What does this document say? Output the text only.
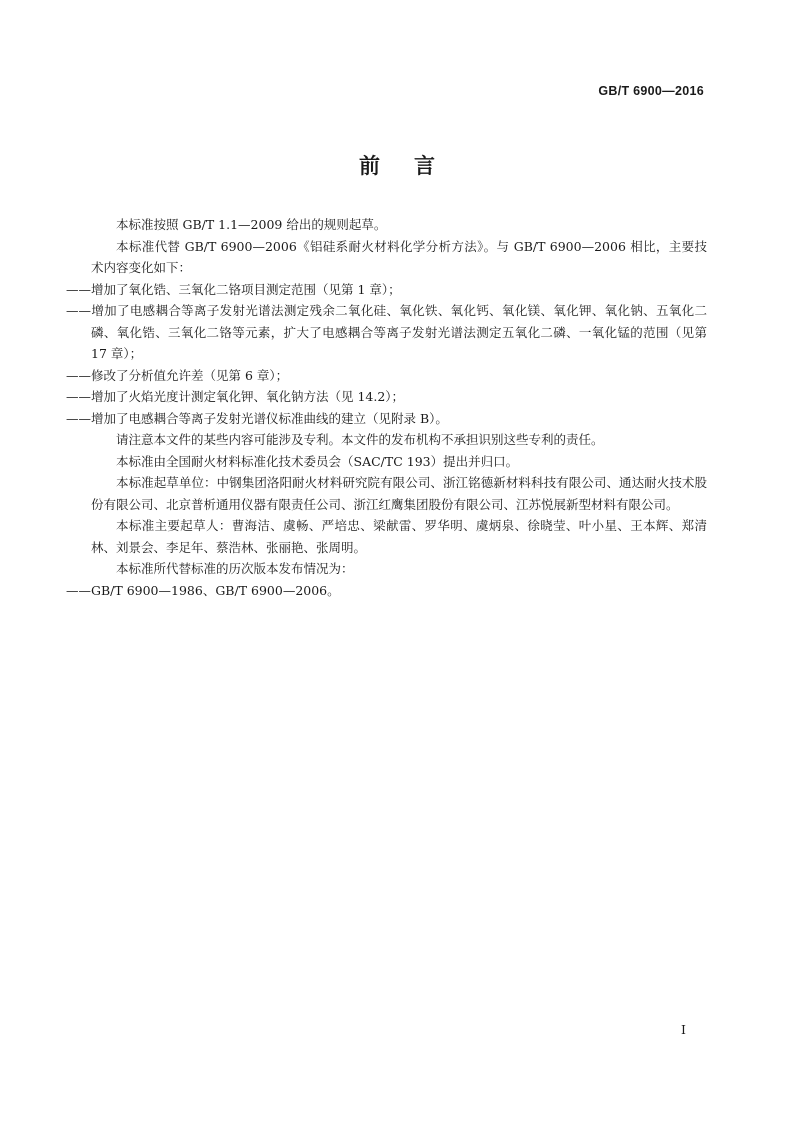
GB/T 6900—2016
前言

本标准按照 GB/T 1.1—2009 给出的规则起草。

本标准代替 GB/T 6900—2006《铝硅系耐火材料化学分析方法》。与 GB/T 6900—2006 相比，主要技术内容变化如下：

——增加了氧化锆、三氧化二铬项目测定范围（见第 1 章）；

——增加了电感耦合等离子发射光谱法测定残余二氧化硅、氧化铁、氧化钙、氧化镁、氧化钾、氧化钠、五氧化二磷、氧化锆、三氧化二铬等元素，扩大了电感耦合等离子发射光谱法测定五氧化二磷、一氧化锰的范围（见第 17 章）；

——修改了分析值允许差（见第 6 章）；

——增加了火焰光度计测定氧化钾、氧化钠方法（见 14.2）；

——增加了电感耦合等离子发射光谱仪标准曲线的建立（见附录 B）。

请注意本文件的某些内容可能涉及专利。本文件的发布机构不承担识别这些专利的责任。

本标准由全国耐火材料标准化技术委员会（SAC/TC 193）提出并归口。

本标准起草单位：中钢集团洛阳耐火材料研究院有限公司、浙江铭德新材料科技有限公司、通达耐火技术股份有限公司、北京普析通用仪器有限责任公司、浙江红鹰集团股份有限公司、江苏悦展新型材料有限公司。

本标准主要起草人：曹海洁、虞畅、严培忠、梁献雷、罗华明、虞炳泉、徐晓莹、叶小星、王本辉、郑清林、刘景会、李足年、蔡浩林、张丽艳、张周明。

本标准所代替标准的历次版本发布情况为：

——GB/T 6900—1986、GB/T 6900—2006。

I
